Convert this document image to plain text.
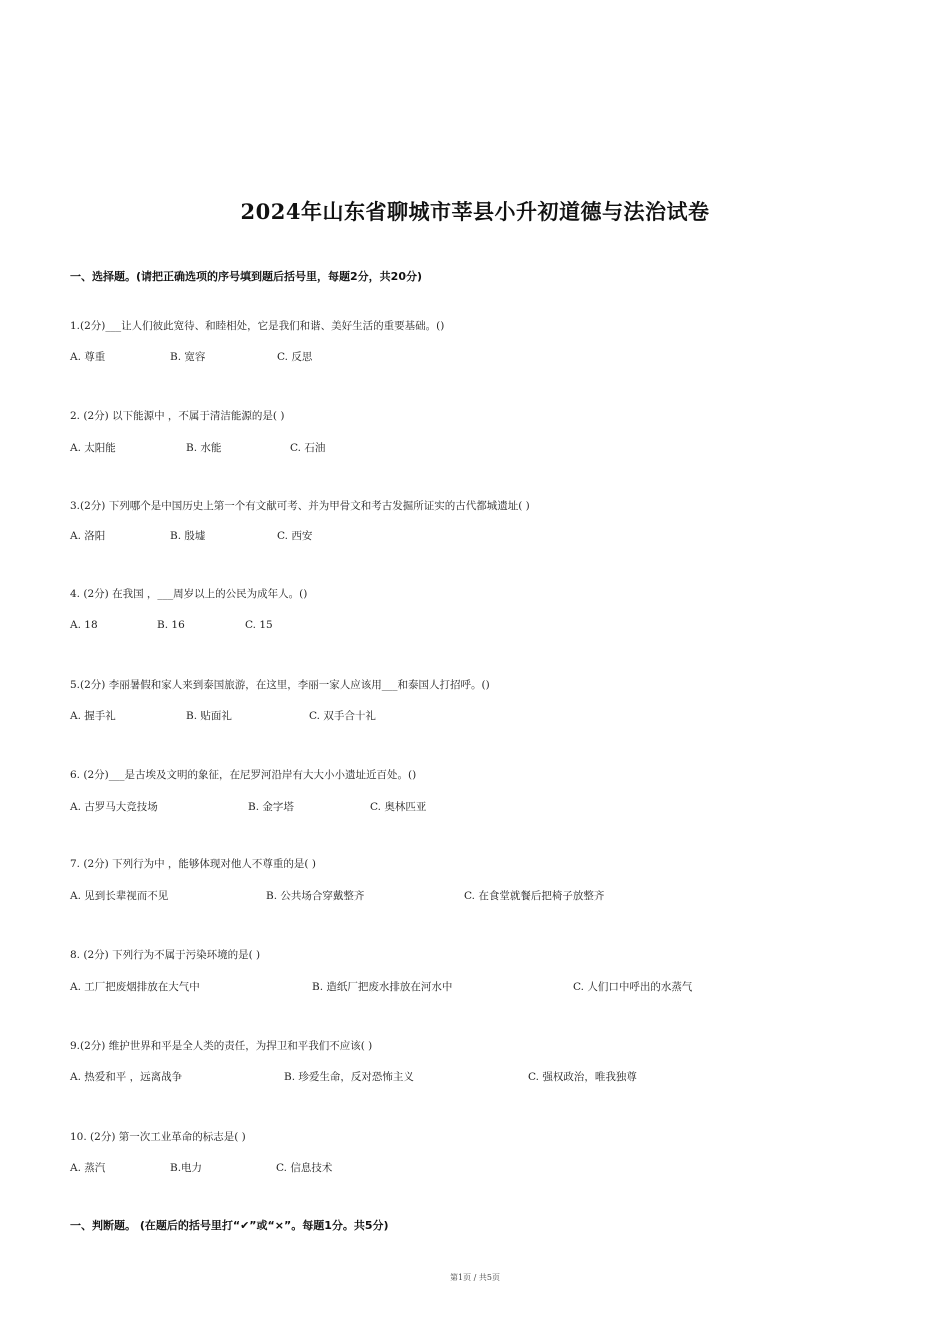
2024年山东省聊城市莘县小升初道德与法治试卷
一、选择题。(请把正确选项的序号填到题后括号里，每题2分，共20分)
1.(2分)___让人们彼此宽待、和睦相处，它是我们和谐、美好生活的重要基础。()
A. 尊重	B. 宽容	C. 反思
2. (2分) 以下能源中 ，不属于清洁能源的是( )
A. 太阳能	B. 水能	C. 石油
3.(2分) 下列哪个是中国历史上第一个有文献可考、并为甲骨文和考古发掘所证实的古代都城遗址( )
A. 洛阳	B. 殷墟	C. 西安
4. (2分) 在我国 ，___周岁以上的公民为成年人。()
A. 18	B. 16	C. 15
5.(2分) 李丽暑假和家人来到泰国旅游，在这里，李丽一家人应该用___和泰国人打招呼。()
A. 握手礼	B. 贴面礼	C. 双手合十礼
6. (2分)___是古埃及文明的象征，在尼罗河沿岸有大大小小遗址近百处。()
A. 古罗马大竞技场	B. 金字塔	C. 奥林匹亚
7. (2分) 下列行为中 ，能够体现对他人不尊重的是( )
A. 见到长辈视而不见	B. 公共场合穿戴整齐	C. 在食堂就餐后把椅子放整齐
8. (2分) 下列行为不属于污染环境的是( )
A. 工厂把废烟排放在大气中	B. 造纸厂把废水排放在河水中	C. 人们口中呼出的水蒸气
9.(2分) 维护世界和平是全人类的责任，为捍卫和平我们不应该( )
A. 热爱和平 ，远离战争	B. 珍爱生命，反对恐怖主义	C. 强权政治，唯我独尊
10. (2分) 第一次工业革命的标志是( )
A. 蒸汽	B.电力	C. 信息技术
一、判断题。 (在题后的括号里打“✔”或“×”。每题1分。共5分)
第1页 / 共5页
